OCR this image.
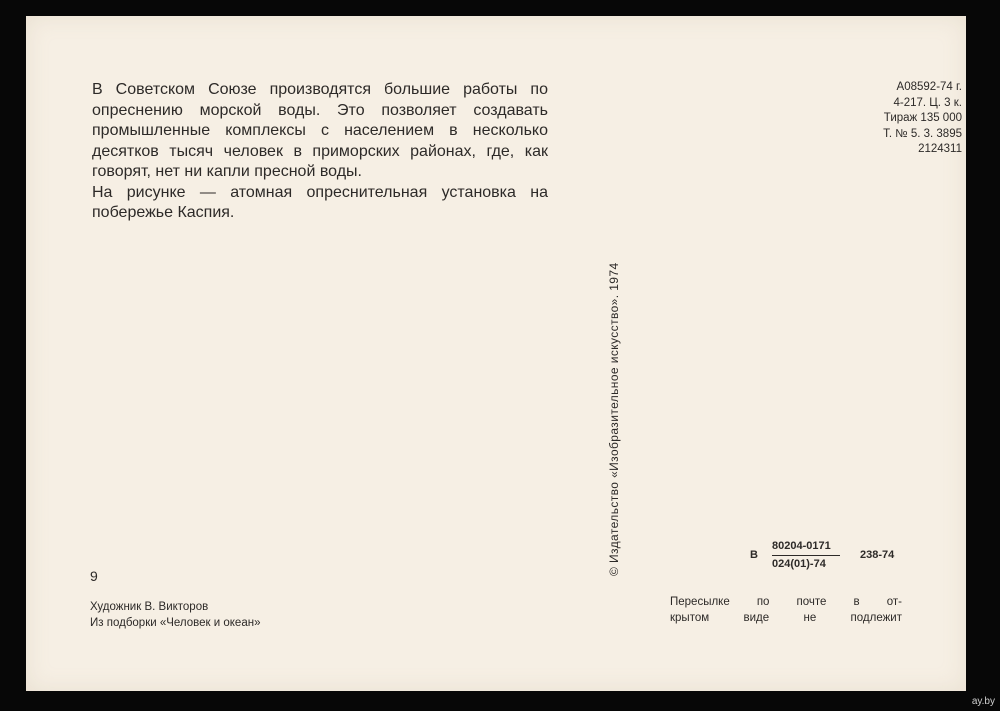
В Советском Союзе производятся большие работы по опреснению морской воды. Это позволяет создавать промышленные комплексы с населением в несколько десятков тысяч человек в приморских районах, где, как говорят, нет ни капли пресной воды.

На рисунке — атомная опреснительная установка на побережье Каспия.

А08592-74 г.
4-217. Ц. 3 к.
Тираж 135 000
Т. № 5. 3. 3895
2124311
© Издательство «Изобразительное искусство». 1974
9
Художник В. Викторов
Из подборки «Человек и океан»
В
80204-0171
024(01)-74
238-74
Пересылке по почте в от-
крытом виде не подлежит
ay.by
